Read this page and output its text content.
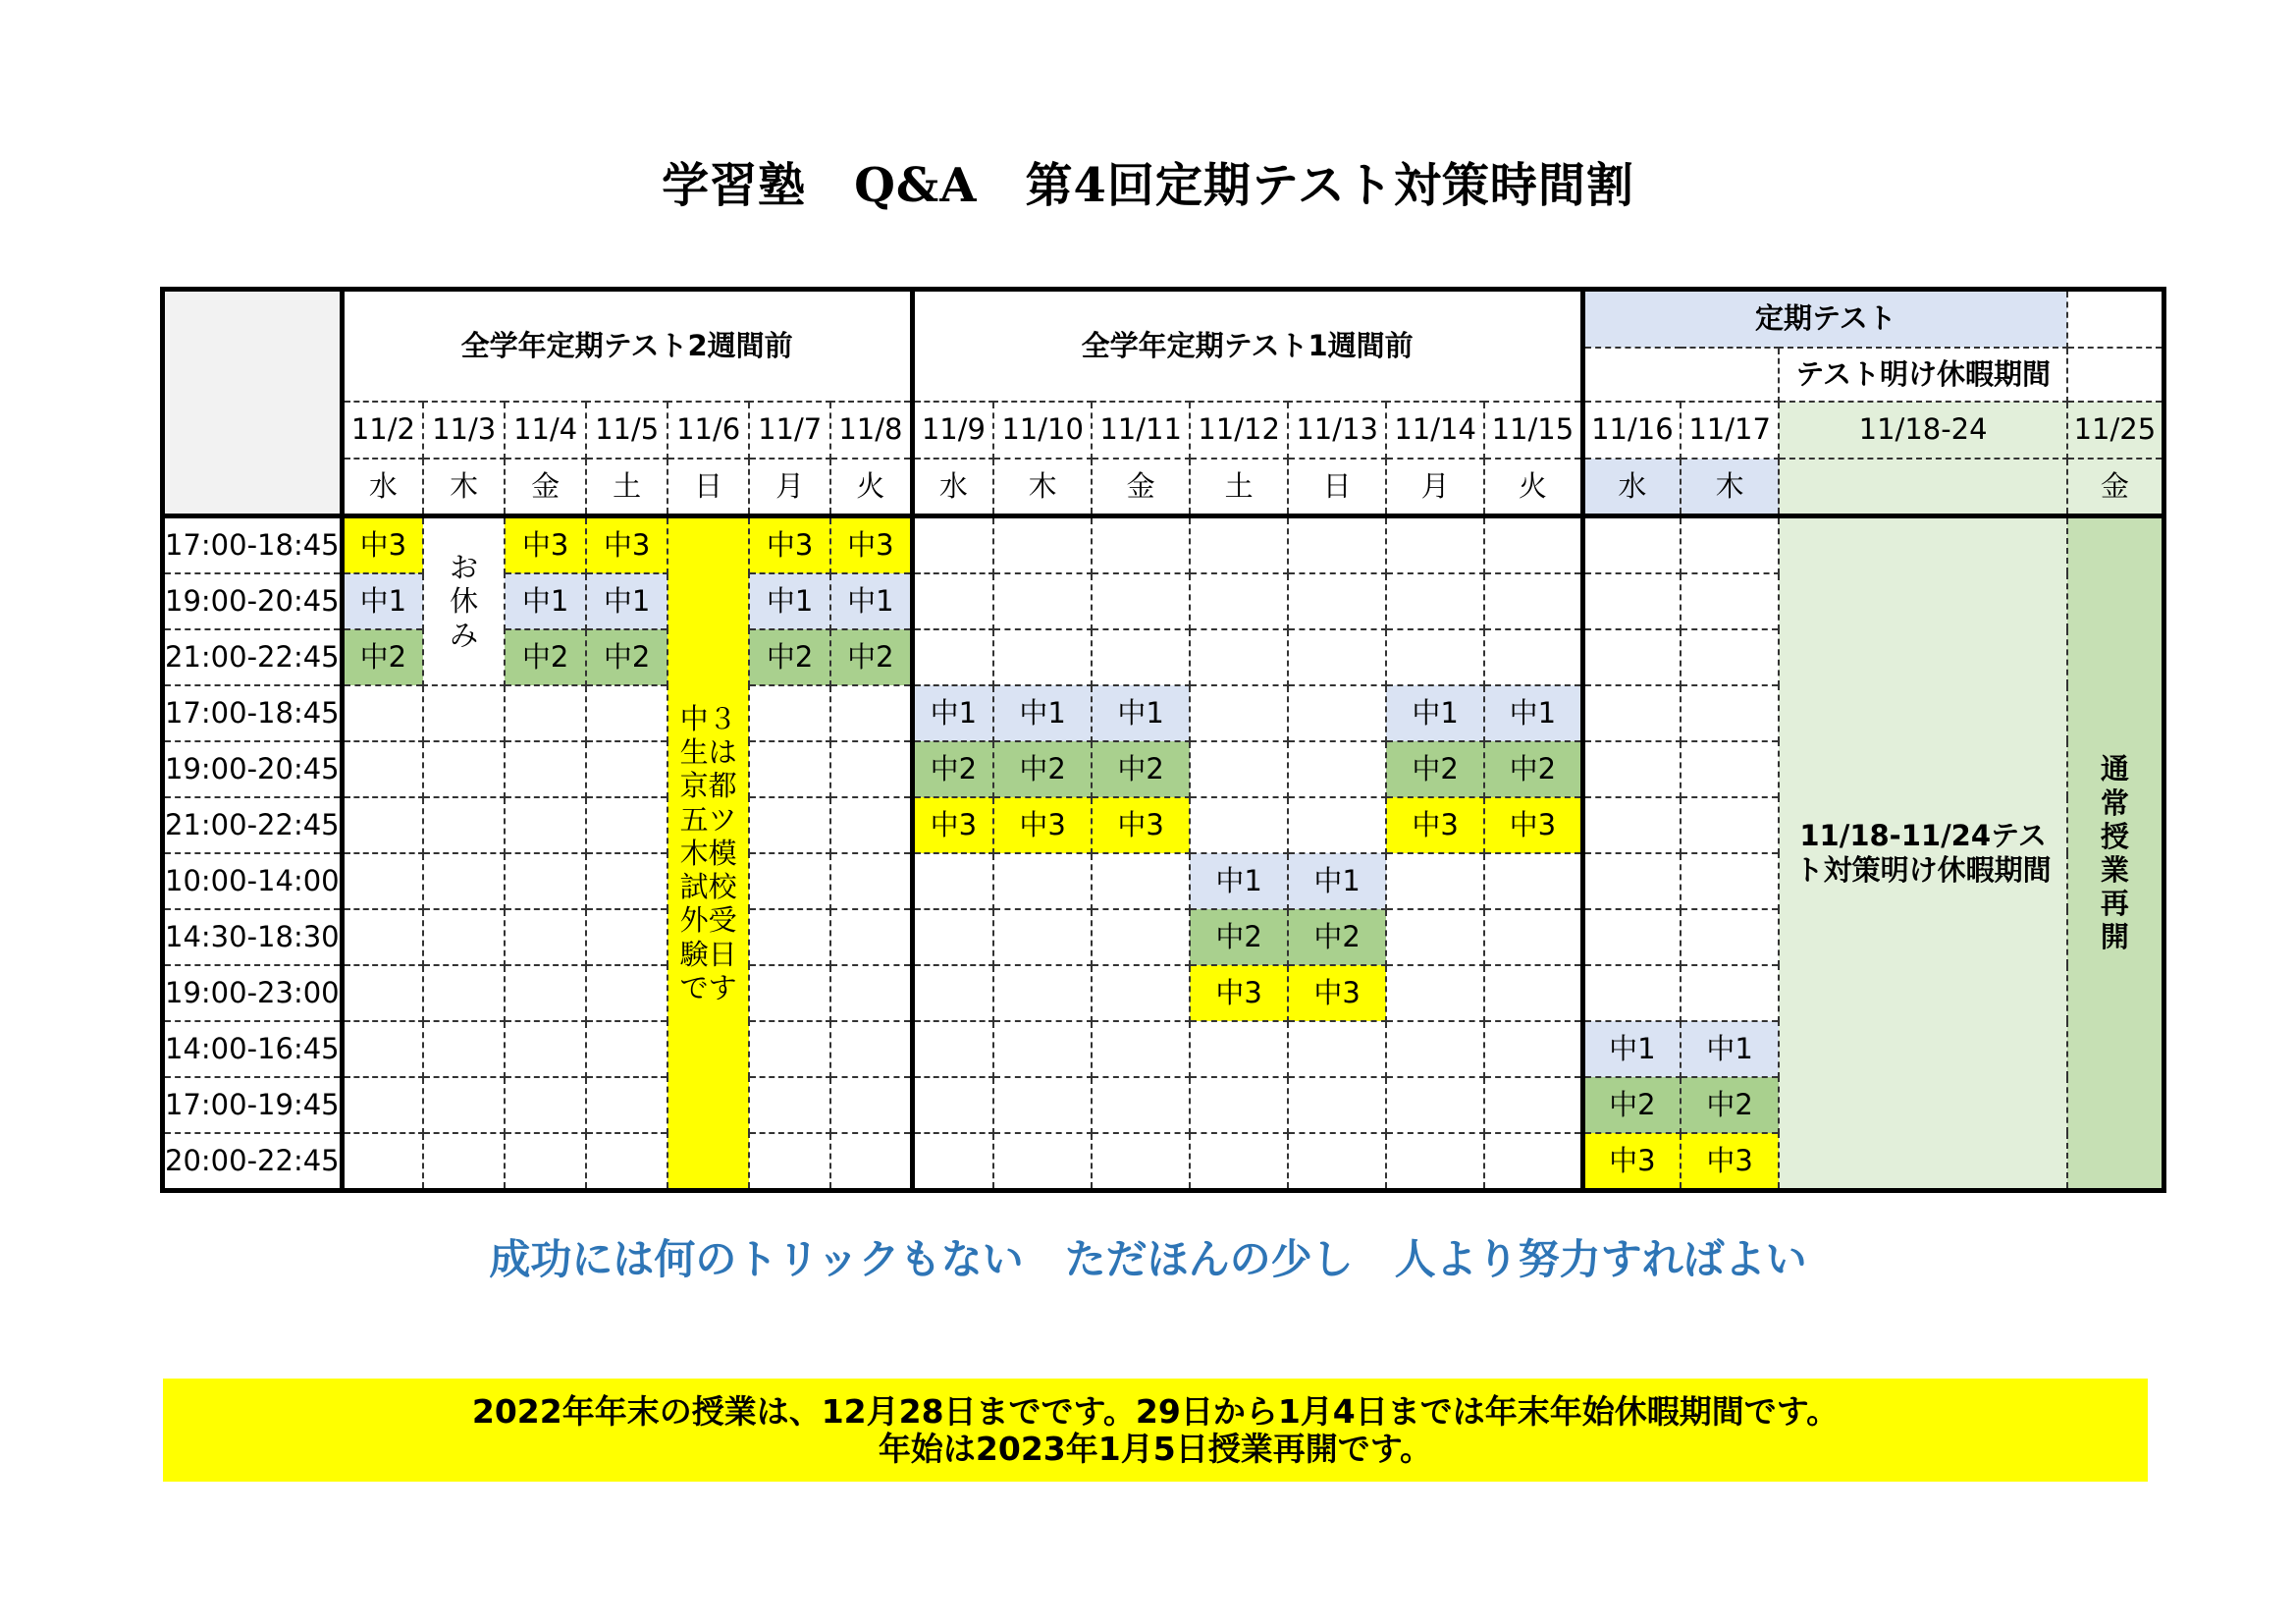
学習塾　Q&A　第4回定期テスト対策時間割
	全学年定期テスト2週間前							全学年定期テスト1週間前							定期テスト			
																	テスト明け休暇期間	
	11/2	11/3	11/4	11/5	11/6	11/7	11/8	11/9	11/10	11/11	11/12	11/13	11/14	11/15	11/16	11/17	11/18-24	11/25
	水	木	金	土	日	月	火	水	木	金	土	日	月	火	水	木		金
17:00-18:45	中3	お休み	中3	中3	中３生は　京都五ツ木模試校外受験日です	中3	中3										11/18-11/24テスト対策明け休暇期間	通常授業再開
19:00-20:45	中1		中1	中1		中1	中1											
21:00-22:45	中2		中2	中2		中2	中2											
17:00-18:45								中1	中1	中1			中1	中1				
19:00-20:45								中2	中2	中2			中2	中2				
21:00-22:45								中3	中3	中3			中3	中3				
10:00-14:00											中1	中1						
14:30-18:30											中2	中2						
19:00-23:00											中3	中3						
14:00-16:45															中1	中1		
17:00-19:45															中2	中2		
20:00-22:45															中3	中3		
成功には何のトリックもない　ただほんの少し　人より努力すればよい
2022年年末の授業は、12月28日までです。29日から1月4日までは年末年始休暇期間です。
年始は2023年1月5日授業再開です。
